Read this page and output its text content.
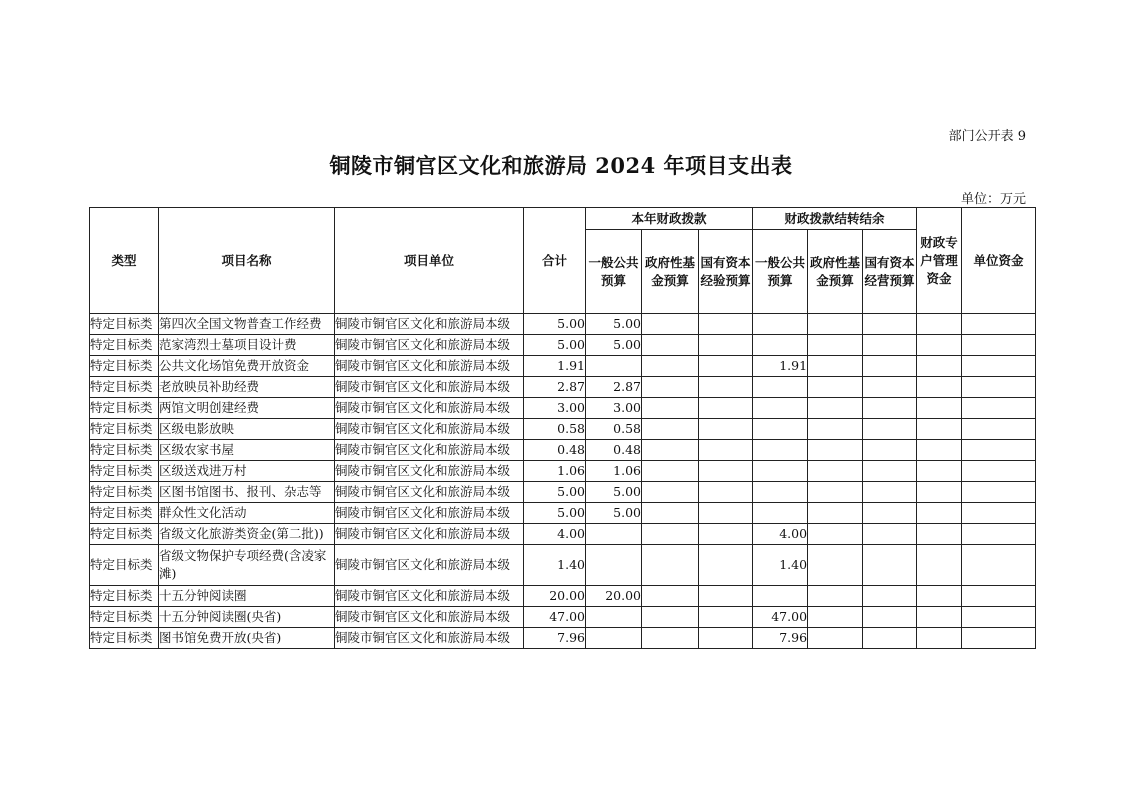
部门公开表 9
铜陵市铜官区文化和旅游局 2024 年项目支出表
单位：万元
类型	项目名称	项目单位	合计	本年财政拨款			财政拨款结转结余			财政专户管理资金	单位资金
				一般公共预算	政府性基金预算	国有资本经验预算	一般公共预算	政府性基金预算	国有资本经营预算		
特定目标类	第四次全国文物普查工作经费	铜陵市铜官区文化和旅游局本级	5.00	5.00							
特定目标类	范家湾烈士墓项目设计费	铜陵市铜官区文化和旅游局本级	5.00	5.00							
特定目标类	公共文化场馆免费开放资金	铜陵市铜官区文化和旅游局本级	1.91				1.91				
特定目标类	老放映员补助经费	铜陵市铜官区文化和旅游局本级	2.87	2.87							
特定目标类	两馆文明创建经费	铜陵市铜官区文化和旅游局本级	3.00	3.00							
特定目标类	区级电影放映	铜陵市铜官区文化和旅游局本级	0.58	0.58							
特定目标类	区级农家书屋	铜陵市铜官区文化和旅游局本级	0.48	0.48							
特定目标类	区级送戏进万村	铜陵市铜官区文化和旅游局本级	1.06	1.06							
特定目标类	区图书馆图书、报刊、杂志等	铜陵市铜官区文化和旅游局本级	5.00	5.00							
特定目标类	群众性文化活动	铜陵市铜官区文化和旅游局本级	5.00	5.00							
特定目标类	省级文化旅游类资金(第二批))	铜陵市铜官区文化和旅游局本级	4.00				4.00				
特定目标类	省级文物保护专项经费(含凌家滩)	铜陵市铜官区文化和旅游局本级	1.40				1.40				
特定目标类	十五分钟阅读圈	铜陵市铜官区文化和旅游局本级	20.00	20.00							
特定目标类	十五分钟阅读圈(央省)	铜陵市铜官区文化和旅游局本级	47.00				47.00				
特定目标类	图书馆免费开放(央省)	铜陵市铜官区文化和旅游局本级	7.96				7.96				
